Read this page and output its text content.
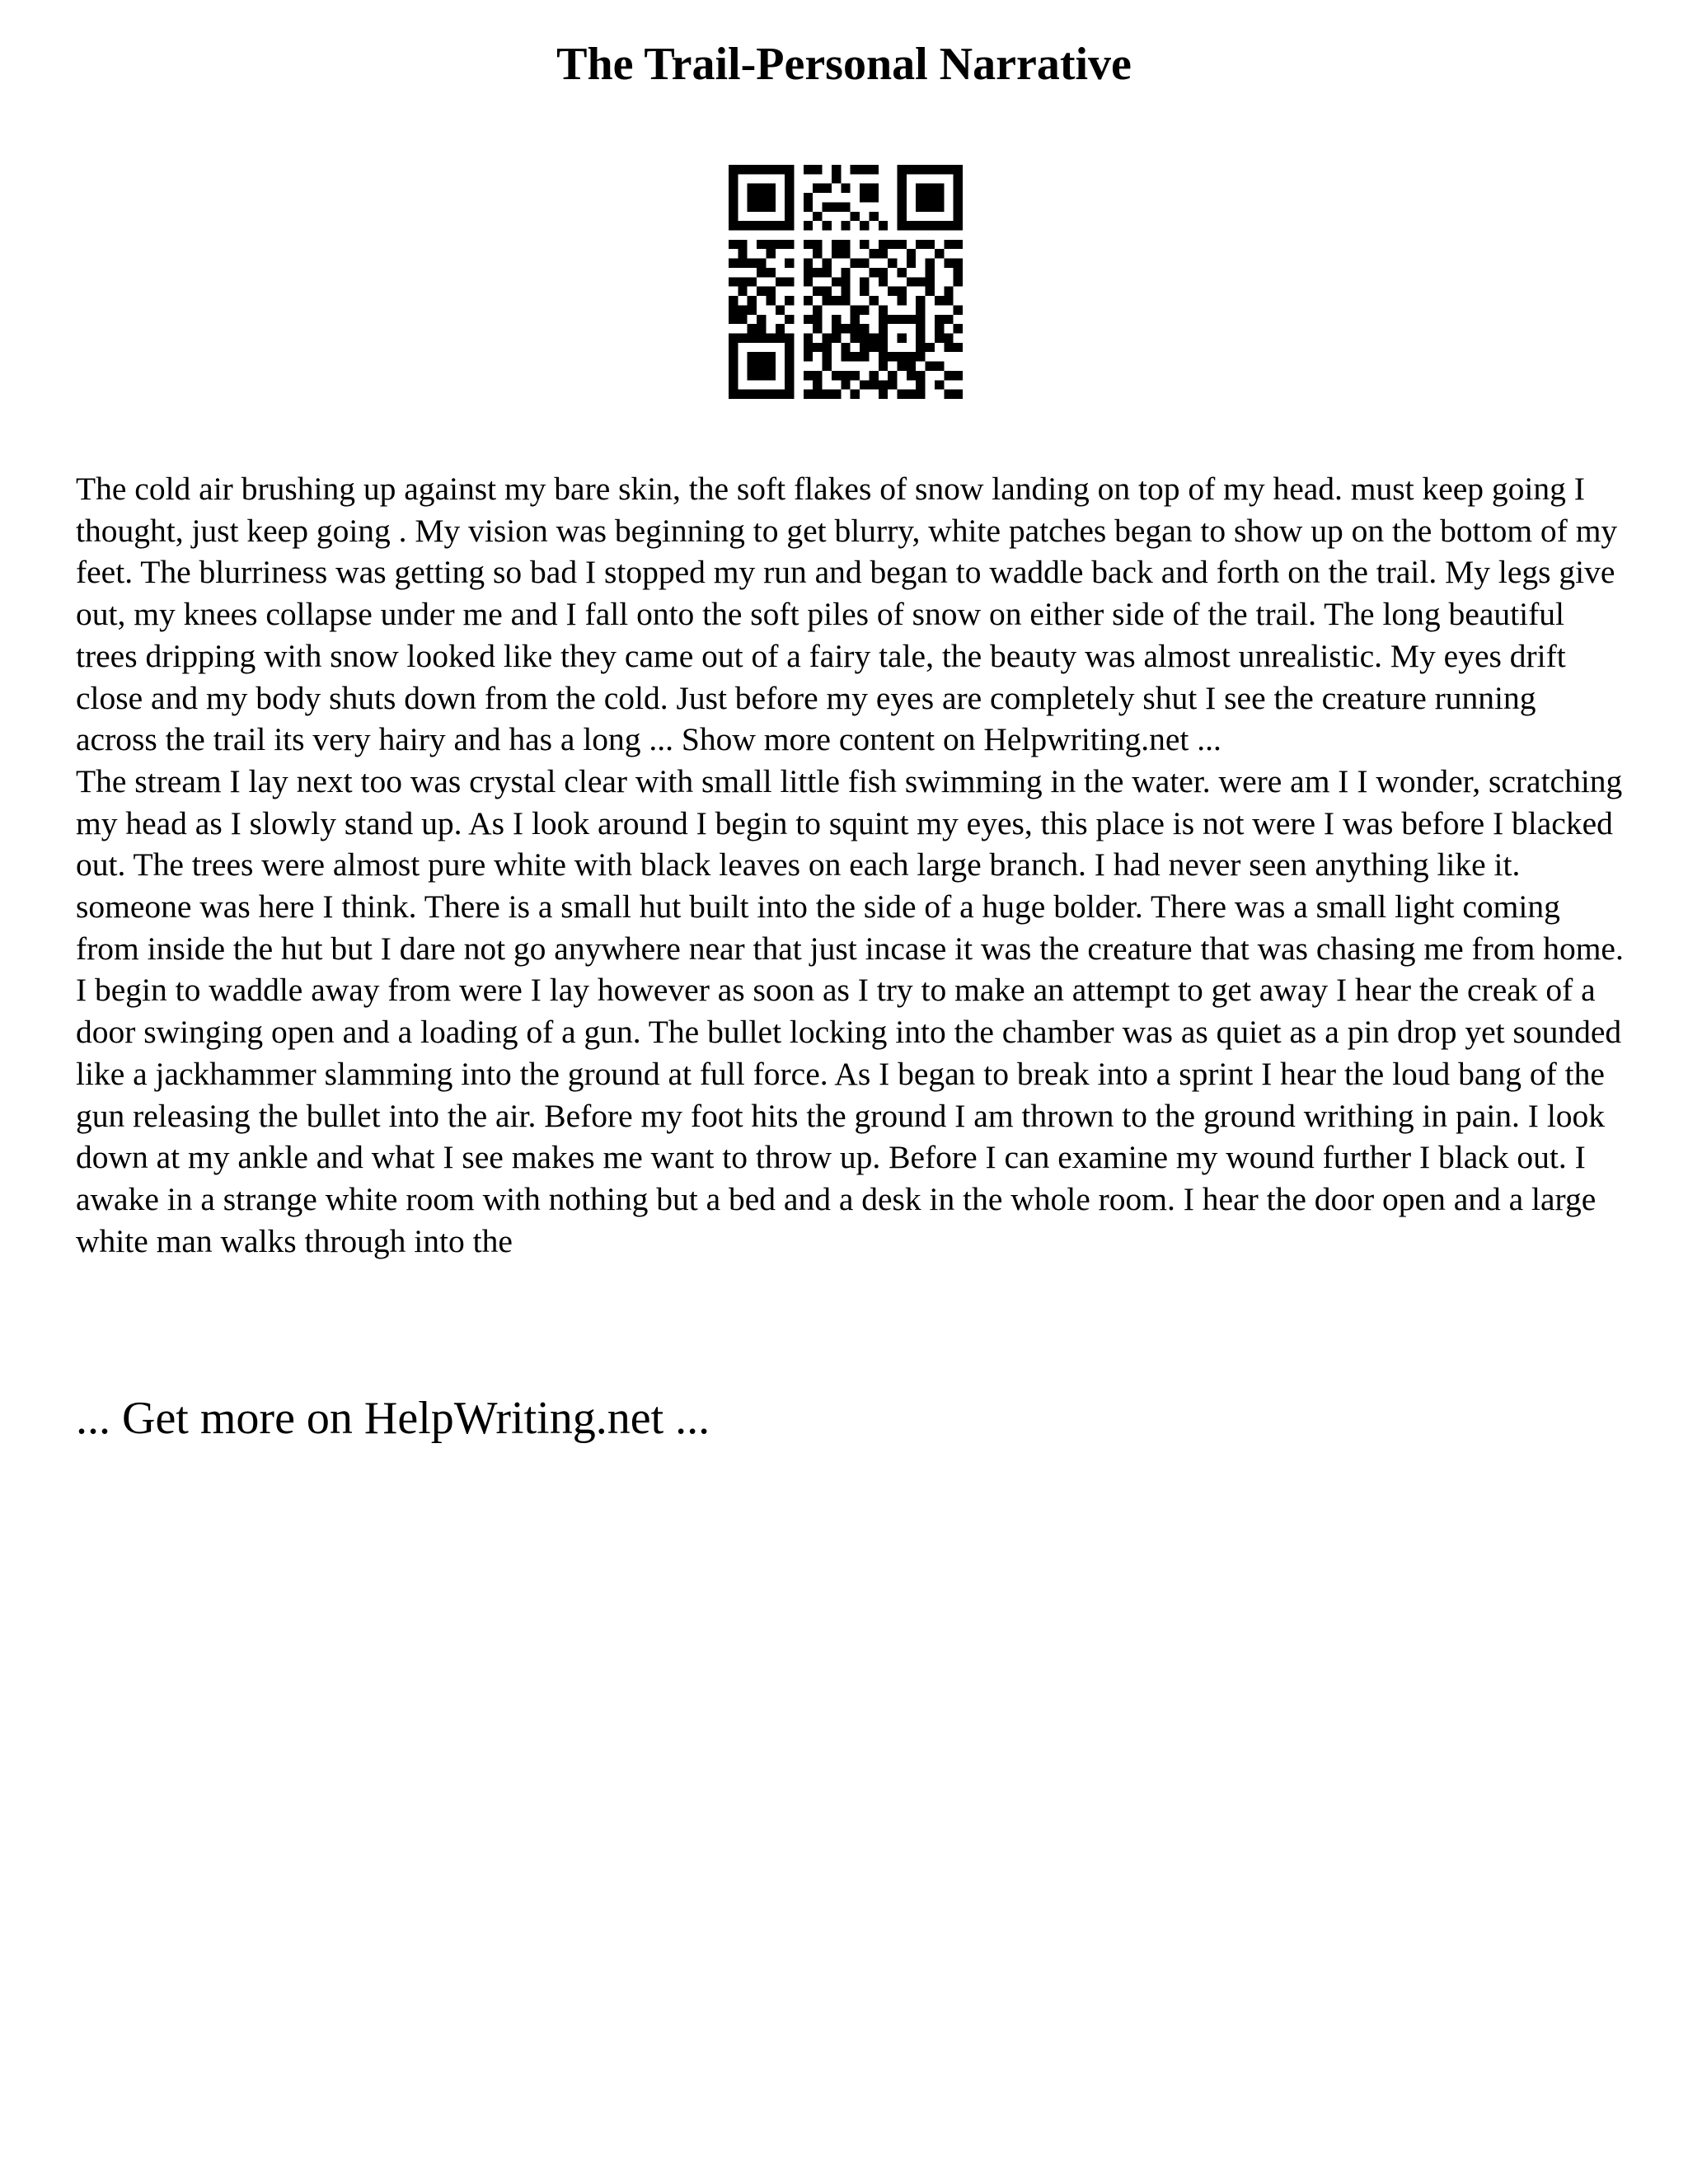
The Trail-Personal Narrative

The cold air brushing up against my bare skin, the soft flakes of snow landing on top of my head. must keep going I thought, just keep going . My vision was beginning to get blurry, white patches began to show up on the bottom of my feet. The blurriness was getting so bad I stopped my run and began to waddle back and forth on the trail. My legs give out, my knees collapse under me and I fall onto the soft piles of snow on either side of the trail. The long beautiful trees dripping with snow looked like they came out of a fairy tale, the beauty was almost unrealistic. My eyes drift close and my body shuts down from the cold. Just before my eyes are completely shut I see the creature running across the trail its very hairy and has a long ... Show more content on Helpwriting.net ...

The stream I lay next too was crystal clear with small little fish swimming in the water. were am I I wonder, scratching my head as I slowly stand up. As I look around I begin to squint my eyes, this place is not were I was before I blacked out. The trees were almost pure white with black leaves on each large branch. I had never seen anything like it. someone was here I think. There is a small hut built into the side of a huge bolder. There was a small light coming from inside the hut but I dare not go anywhere near that just incase it was the creature that was chasing me from home. I begin to waddle away from were I lay however as soon as I try to make an attempt to get away I hear the creak of a door swinging open and a loading of a gun. The bullet locking into the chamber was as quiet as a pin drop yet sounded like a jackhammer slamming into the ground at full force. As I began to break into a sprint I hear the loud bang of the gun releasing the bullet into the air. Before my foot hits the ground I am thrown to the ground writhing in pain. I look down at my ankle and what I see makes me want to throw up. Before I can examine my wound further I black out. I awake in a strange white room with nothing but a bed and a desk in the whole room. I hear the door open and a large white man walks through into the

... Get more on HelpWriting.net ...
